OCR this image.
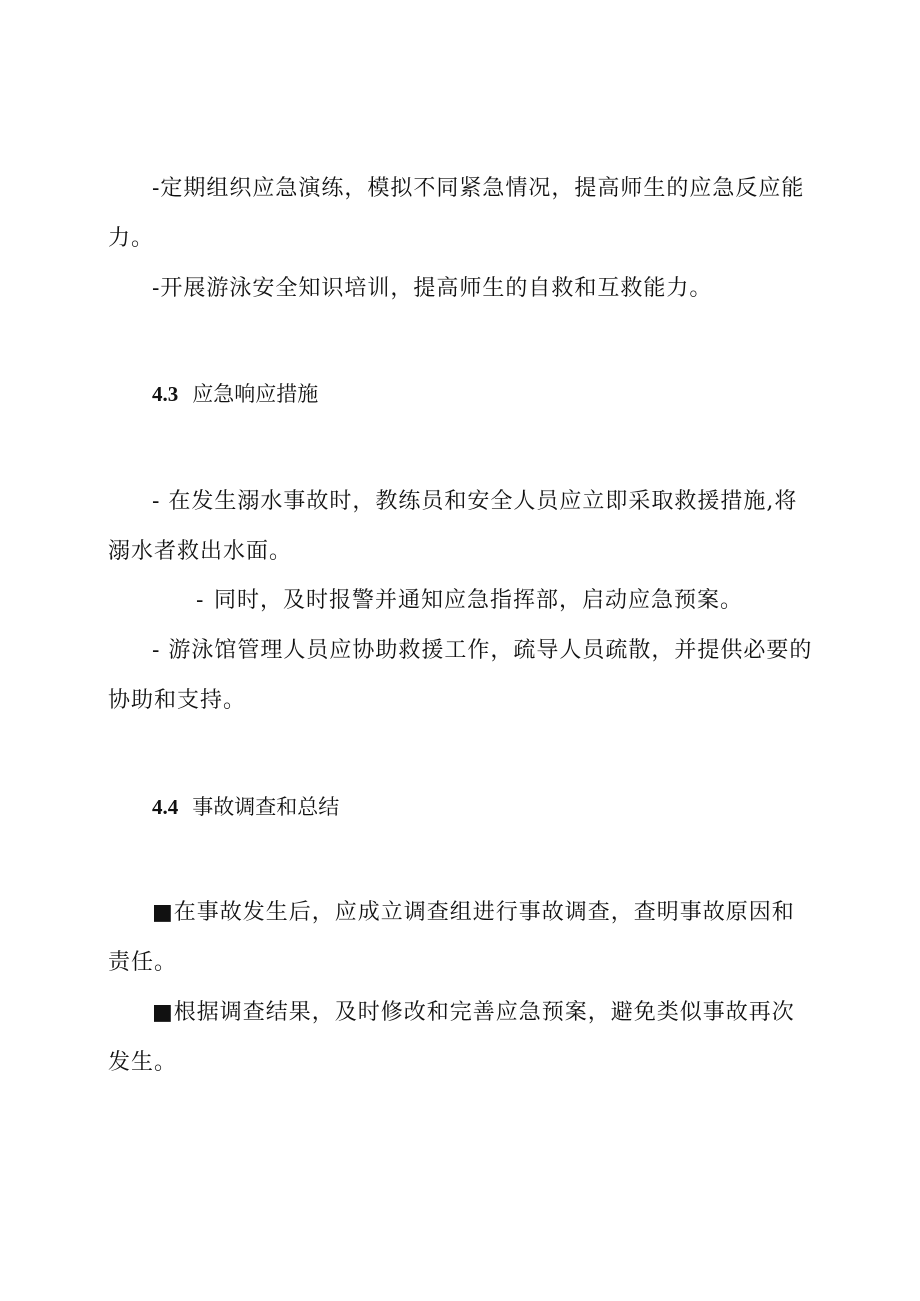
-定期组织应急演练，模拟不同紧急情况，提高师生的应急反应能力。

-开展游泳安全知识培训，提高师生的自救和互救能力。

4.3 应急响应措施

- 在发生溺水事故时，教练员和安全人员应立即采取救援措施,将溺水者救出水面。

- 同时，及时报警并通知应急指挥部，启动应急预案。

- 游泳馆管理人员应协助救援工作，疏导人员疏散，并提供必要的协助和支持。

4.4 事故调查和总结

■在事故发生后，应成立调查组进行事故调查，查明事故原因和责任。

■根据调查结果，及时修改和完善应急预案，避免类似事故再次发生。
